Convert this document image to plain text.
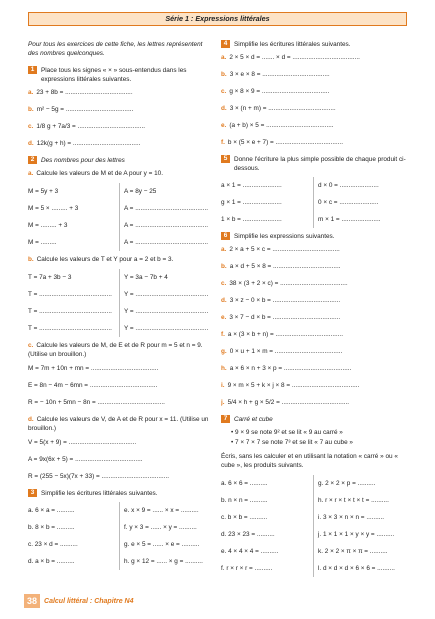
Série 1 : Expressions littérales
Pour tous les exercices de cette fiche, les lettres représentent des nombres quelconques.
1	Place tous les signes « × » sous-entendus dans les expressions littérales suivantes.
a. 23 + 8b = ......................................
b. m² − 5g = ......................................
c. 1/8 g + 7a/3 = ......................................
d. 12k(g + h) = ......................................
2	Des nombres pour des lettres
a. Calcule les valeurs de M et de A pour y = 10.
M = 5y + 3	A = 8y − 25
M = 5 × ......... + 3	A = .........................................
M = ......... + 3	A = .........................................
M = .........	A = .........................................
b. Calcule les valeurs de T et Y pour a = 2 et b = 3.
T = 7a + 3b − 3	Y = 3a − 7b + 4
T = .........................................	Y = .........................................
T = .........................................	Y = .........................................
T = .........................................	Y = .........................................
c. Calcule les valeurs de M, de E et de R pour m = 5 et n = 9. (Utilise un brouillon.)
M = 7m + 10n + mn = ......................................
E = 8n − 4m − 6mn = ......................................
R = − 10n + 5mn − 8n = ......................................
d. Calcule les valeurs de V, de A et de R pour x = 11. (Utilise un brouillon.)
V = 5(x + 9) = ......................................
A = 9x(6x + 5) = ......................................
R = (255 − 5x)(7x + 33) = ......................................
3	Simplifie les écritures littérales suivantes.
a. 6 × a = ..........	e. x × 9 = ...... × x = ..........
b. 8 × b = ..........	f. y × 3 = ...... × y = ..........
c. 23 × d = ..........	g. e × 5 = ...... × e = ..........
d. a × b = ..........	h. g × 12 = ...... × g = ..........
4	Simplifie les écritures littérales suivantes.
a. 2 × 5 × d = ....... × d = ......................................
b. 3 × e × 8 = ......................................
c. g × 8 × 9 = ......................................
d. 3 × (n + m) = ......................................
e. (a + b) × 5 = ......................................
f. b × (5 × e + 7) = ......................................
5	Donne l'écriture la plus simple possible de chaque produit ci-dessous.
a × 1 = ......................	d × 0 = ......................
g × 1 = ......................	0 × c = ......................
1 × b = ......................	m × 1 = ......................
6	Simplifie les expressions suivantes.
a. 2 × a + 5 × c = ......................................
b. a × d + 5 × 8 = ......................................
c. 38 × (3 + 2 × c) = ......................................
d. 3 × z − 0 × b = ......................................
e. 3 × 7 − d × b = ......................................
f. a × (3 × b + n) = ......................................
g. 0 × u + 1 × m = ......................................
h. a × 6 × n + 3 × p = ......................................
i. 9 × m × 5 + k × j × 8 = ......................................
j. 5/4 × h + g × 5/2 = ......................................
7	Carré et cube
• 9 × 9 se note 9² et se lit « 9 au carré »
• 7 × 7 × 7 se note 7³ et se lit « 7 au cube »
Écris, sans les calculer et en utilisant la notation « carré » ou « cube », les produits suivants.
a. 6 × 6 = ..........	g. 2 × 2 × p = ..........
b. n × n = ..........	h. r × r × t × t × t = ..........
c. b × b = ..........	i. 3 × 3 × n × n = ..........
d. 23 × 23 = ..........	j. 1 × 1 × 1 × y × y = ..........
e. 4 × 4 × 4 = ..........	k. 2 × 2 × π × π = ..........
f. r × r × r = ..........	l. d × d × d × 6 × 6 = ..........
38	Calcul littéral : Chapitre N4
